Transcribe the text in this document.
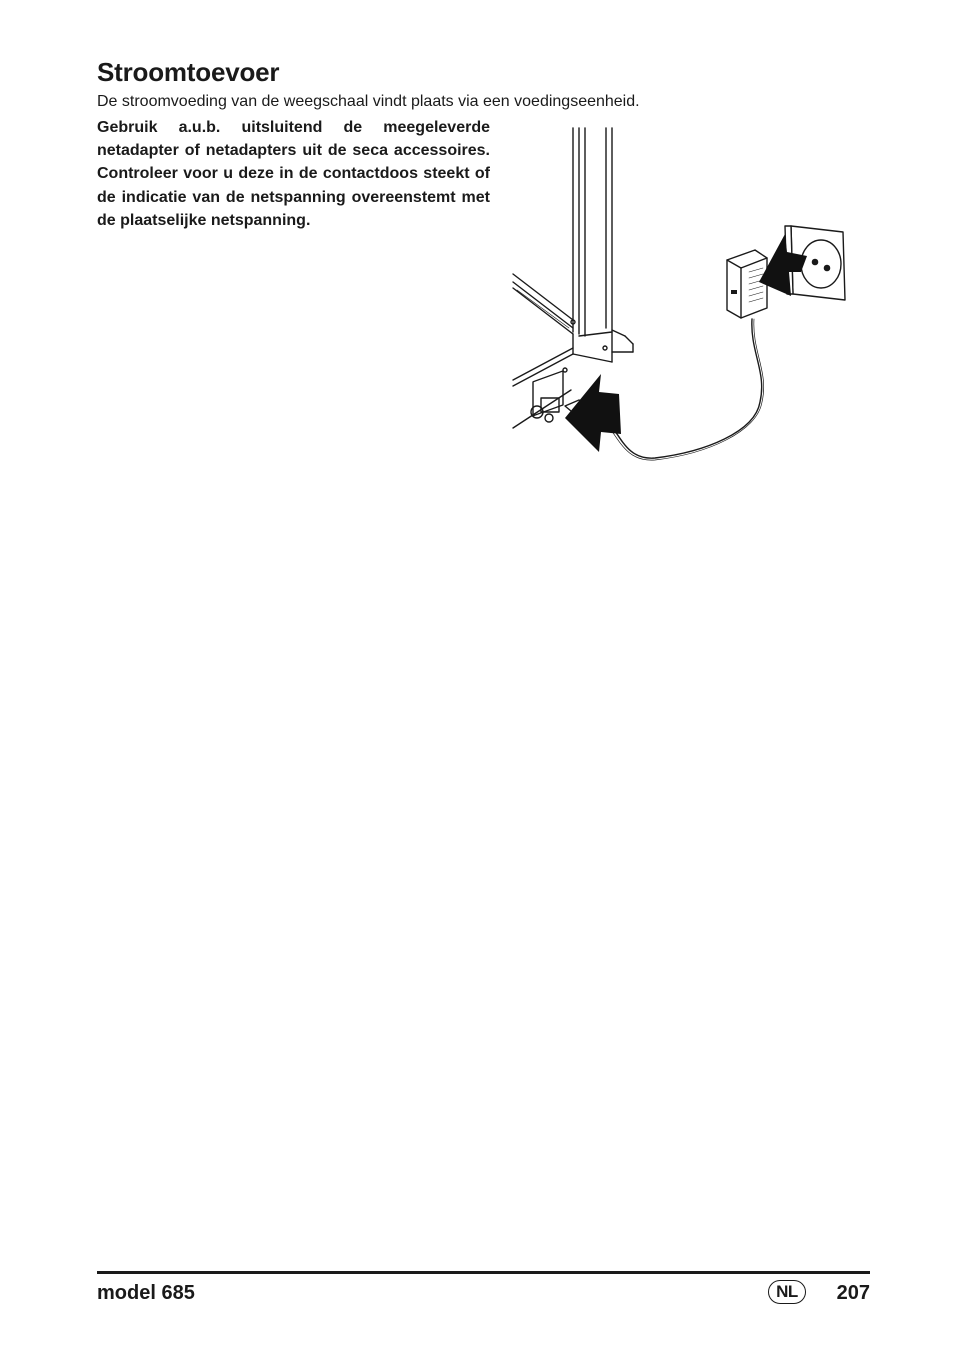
Stroomtoevoer

De stroomvoeding van de weegschaal vindt plaats via een voedingseenheid.

Gebruik a.u.b. uitsluitend de meegeleverde netadapter of netadapters uit de seca accessoires. Controleer voor u deze in de contactdoos steekt of de indicatie van de netspanning overeenstemt met de plaatselijke netspanning.

model 685	NL	207
